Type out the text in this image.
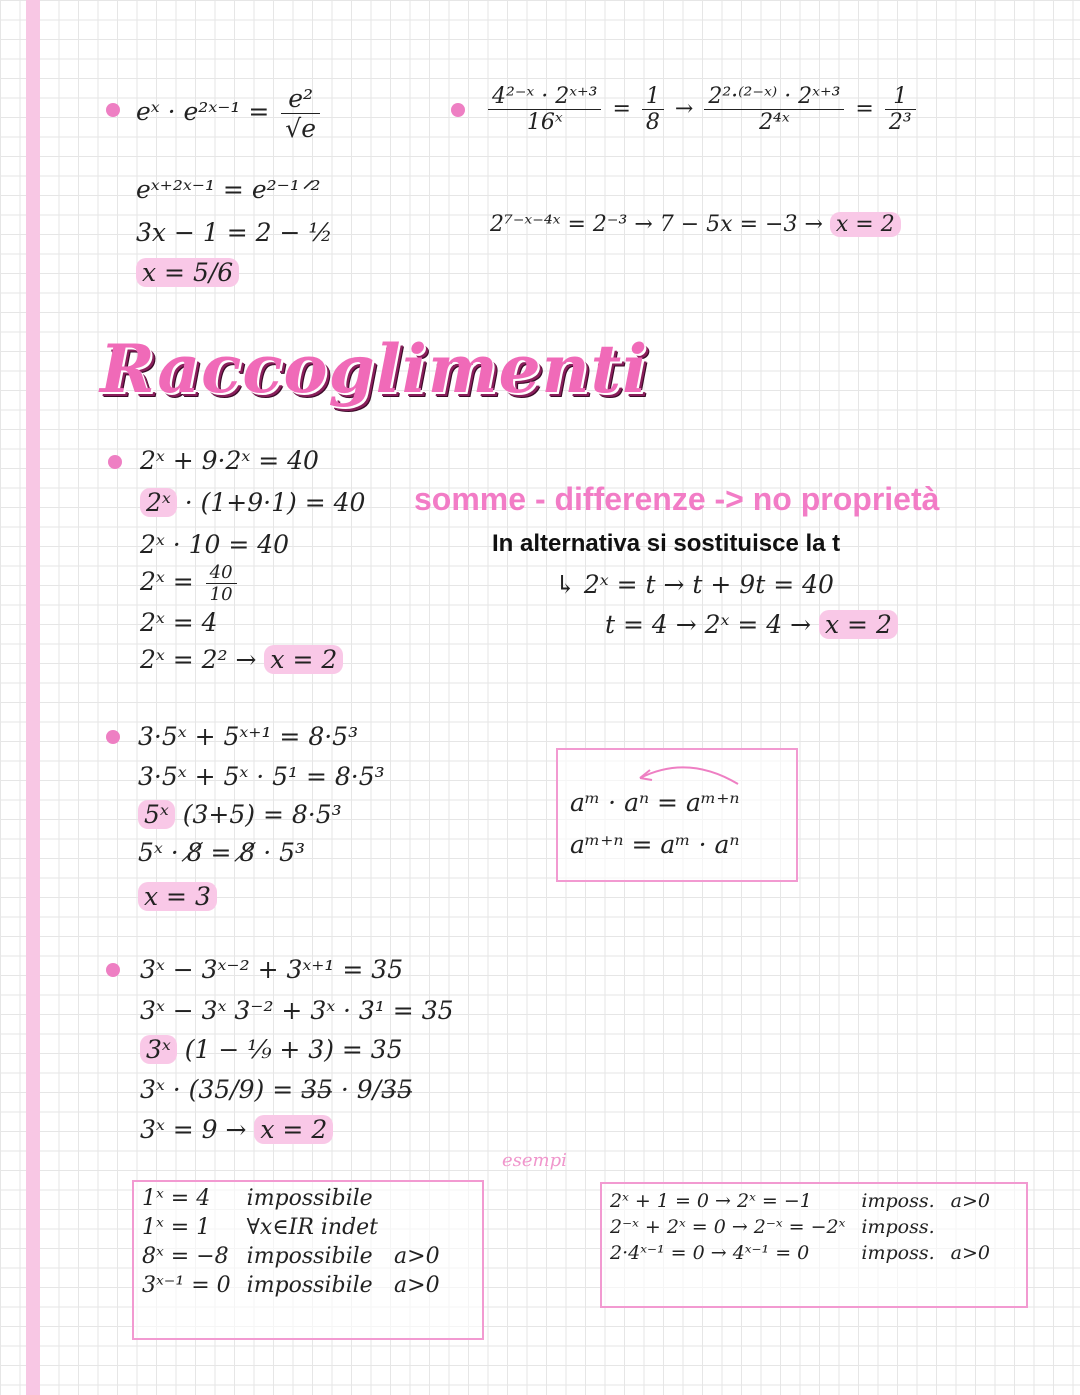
eˣ · e²ˣ⁻¹ = $\frac{\text{e²}}{√e}$
eˣ⁺²ˣ⁻¹ = e²⁻¹ᐟ²
3x − 1 = 2 − ½
x = 5/6
$\frac{\text{4²⁻ˣ · 2ˣ⁺³}}{\text{16ˣ}} = \frac{1}{8} \to \frac{\text{2²·⁽²⁻ˣ⁾ · 2ˣ⁺³}}{\text{2⁴ˣ}} = \frac{1}{\text{2³}}$
2⁷⁻ˣ⁻⁴ˣ = 2⁻³ → 7 − 5x = −3 → x = 2
Raccoglimenti
2ˣ + 9·2ˣ = 40
2ˣ · (1+9·1) = 40
2ˣ · 10 = 40
2ˣ = $\frac{40}{10}$
2ˣ = 4
2ˣ = 2² → x = 2
somme - differenze -> no proprietà
In alternativa si sostituisce la t
↳ 2ˣ = t → t + 9t = 40
t = 4 → 2ˣ = 4 → x = 2
3·5ˣ + 5ˣ⁺¹ = 8·5³
3·5ˣ + 5ˣ · 5¹ = 8·5³
5ˣ (3+5) = 8·5³
5ˣ · 8̸ = 8̸ · 5³
x = 3
aᵐ · aⁿ = aᵐ⁺ⁿ
aᵐ⁺ⁿ = aᵐ · aⁿ
3ˣ − 3ˣ⁻² + 3ˣ⁺¹ = 35
3ˣ − 3ˣ 3⁻² + 3ˣ · 3¹ = 35
3ˣ (1 − ⅑ + 3) = 35
3ˣ · (35/9) = 3̶5̶ · 9/3̶5̶
3ˣ = 9 → x = 2
esempi
1ˣ = 4	impossibile	
1ˣ = 1	∀x∈IR indet	
8ˣ = −8	impossibile	a>0
3ˣ⁻¹ = 0	impossibile	a>0
2ˣ + 1 = 0 → 2ˣ = −1	imposs.	a>0
2⁻ˣ + 2ˣ = 0 → 2⁻ˣ = −2ˣ	imposs.	
2·4ˣ⁻¹ = 0 → 4ˣ⁻¹ = 0	imposs.	a>0
